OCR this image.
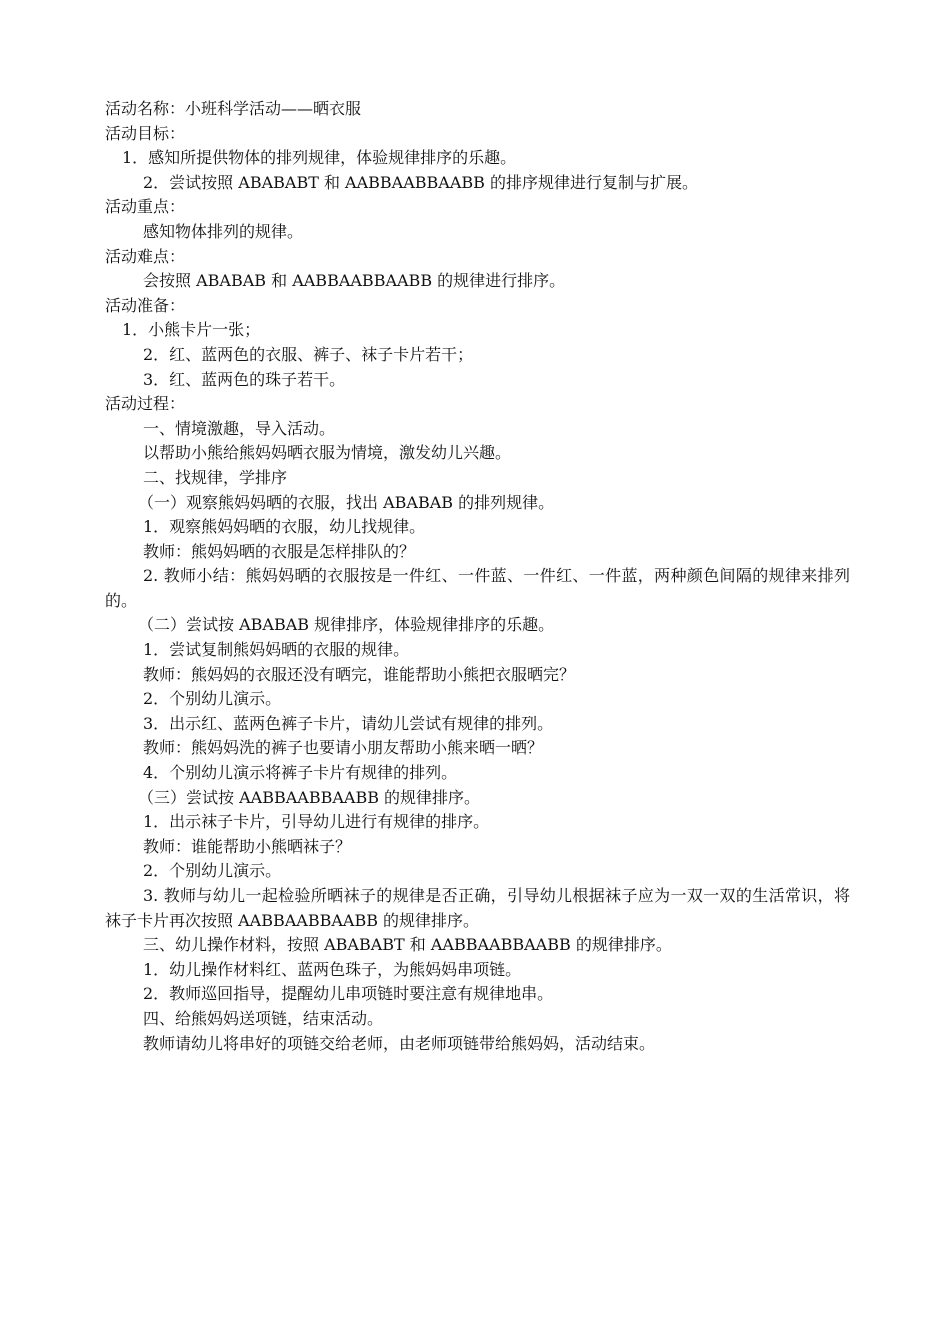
活动名称：小班科学活动——晒衣服
活动目标：
1．感知所提供物体的排列规律，体验规律排序的乐趣。
2．尝试按照 ABABABT 和 AABBAABBAABB 的排序规律进行复制与扩展。
活动重点：
感知物体排列的规律。
活动难点：
会按照 ABABAB 和 AABBAABBAABB 的规律进行排序。
活动准备：
1．小熊卡片一张；
2．红、蓝两色的衣服、裤子、袜子卡片若干；
3．红、蓝两色的珠子若干。
活动过程：
一、情境激趣，导入活动。
以帮助小熊给熊妈妈晒衣服为情境，激发幼儿兴趣。
二、找规律，学排序
（一）观察熊妈妈晒的衣服，找出 ABABAB 的排列规律。
1．观察熊妈妈晒的衣服，幼儿找规律。
教师：熊妈妈晒的衣服是怎样排队的？
2. 教师小结：熊妈妈晒的衣服按是一件红、一件蓝、一件红、一件蓝，两种颜色间隔的规律来排列的。
（二）尝试按 ABABAB 规律排序，体验规律排序的乐趣。
1．尝试复制熊妈妈晒的衣服的规律。
教师：熊妈妈的衣服还没有晒完，谁能帮助小熊把衣服晒完？
2．个别幼儿演示。
3．出示红、蓝两色裤子卡片，请幼儿尝试有规律的排列。
教师：熊妈妈洗的裤子也要请小朋友帮助小熊来晒一晒？
4．个别幼儿演示将裤子卡片有规律的排列。
（三）尝试按 AABBAABBAABB 的规律排序。
1．出示袜子卡片，引导幼儿进行有规律的排序。
教师：谁能帮助小熊晒袜子？
2．个别幼儿演示。
3. 教师与幼儿一起检验所晒袜子的规律是否正确，引导幼儿根据袜子应为一双一双的生活常识，将袜子卡片再次按照 AABBAABBAABB 的规律排序。
三、幼儿操作材料，按照 ABABABT 和 AABBAABBAABB 的规律排序。
1．幼儿操作材料红、蓝两色珠子，为熊妈妈串项链。
2．教师巡回指导，提醒幼儿串项链时要注意有规律地串。
四、给熊妈妈送项链，结束活动。
教师请幼儿将串好的项链交给老师，由老师项链带给熊妈妈，活动结束。
